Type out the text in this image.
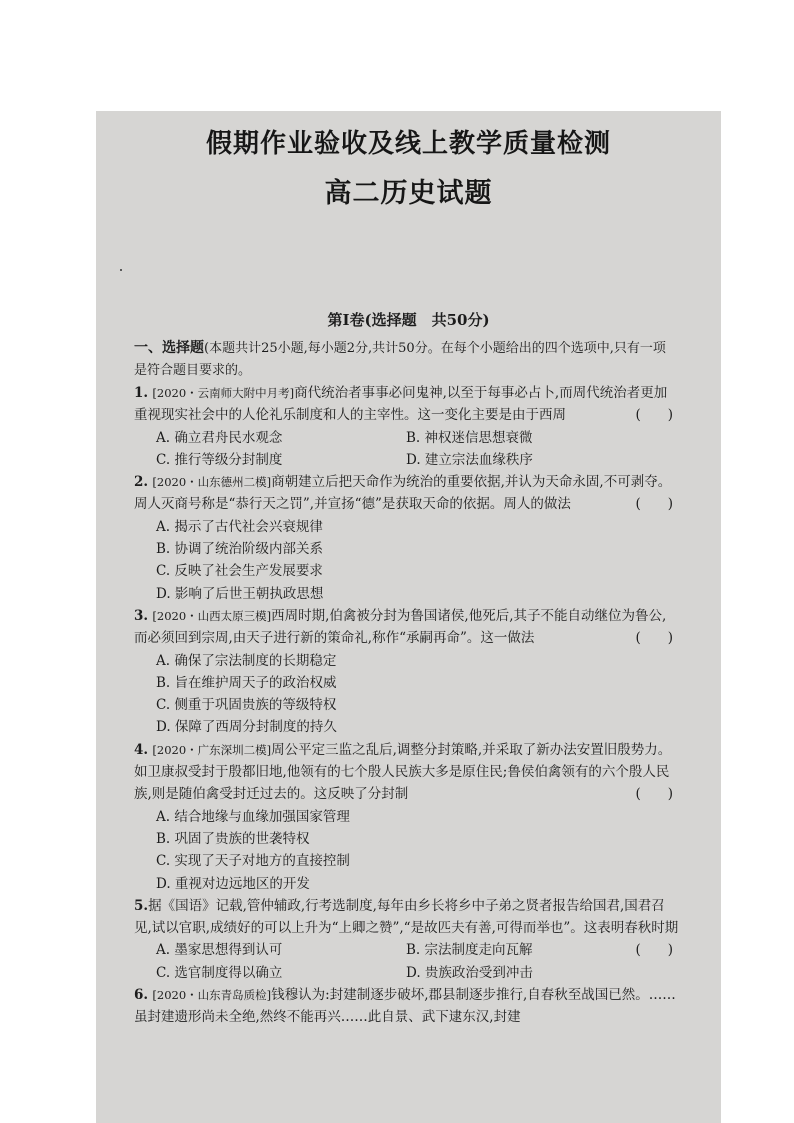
假期作业验收及线上教学质量检测
高二历史试题
第Ⅰ卷(选择题　共50分)
一、选择题(本题共计25小题,每小题2分,共计50分。在每个小题给出的四个选项中,只有一项是符合题目要求的。
1. [2020・云南师大附中月考]商代统治者事事必问鬼神,以至于每事必占卜,而周代统治者更加重视现实社会中的人伦礼乐制度和人的主宰性。这一变化主要是由于西周	(　　)
A. 确立君舟民水观念	B. 神权迷信思想衰微
C. 推行等级分封制度	D. 建立宗法血缘秩序
2. [2020・山东德州二模]商朝建立后把天命作为统治的重要依据,并认为天命永固,不可剥夺。周人灭商号称是“恭行天之罚”,并宣扬“德”是获取天命的依据。周人的做法	(　　)
A. 揭示了古代社会兴衰规律
B. 协调了统治阶级内部关系
C. 反映了社会生产发展要求
D. 影响了后世王朝执政思想
3. [2020・山西太原三模]西周时期,伯禽被分封为鲁国诸侯,他死后,其子不能自动继位为鲁公,而必须回到宗周,由天子进行新的策命礼,称作“承嗣再命”。这一做法	(　　)
A. 确保了宗法制度的长期稳定
B. 旨在维护周天子的政治权威
C. 侧重于巩固贵族的等级特权
D. 保障了西周分封制度的持久
4. [2020・广东深圳二模]周公平定三监之乱后,调整分封策略,并采取了新办法安置旧殷势力。如卫康叔受封于殷都旧地,他领有的七个殷人民族大多是原住民;鲁侯伯禽领有的六个殷人民族,则是随伯禽受封迁过去的。这反映了分封制	(　　)
A. 结合地缘与血缘加强国家管理
B. 巩固了贵族的世袭特权
C. 实现了天子对地方的直接控制
D. 重视对边远地区的开发
5.据《国语》记载,管仲辅政,行考选制度,每年由乡长将乡中子弟之贤者报告给国君,国君召见,试以官职,成绩好的可以上升为“上卿之赞”,“是故匹夫有善,可得而举也”。这表明春秋时期
(　　)
A. 墨家思想得到认可	B. 宗法制度走向瓦解
C. 选官制度得以确立	D. 贵族政治受到冲击
6. [2020・山东青岛质检]钱穆认为:封建制逐步破坏,郡县制逐步推行,自春秋至战国已然。……虽封建遗形尚未全绝,然终不能再兴……此自景、武下逮东汉,封建
